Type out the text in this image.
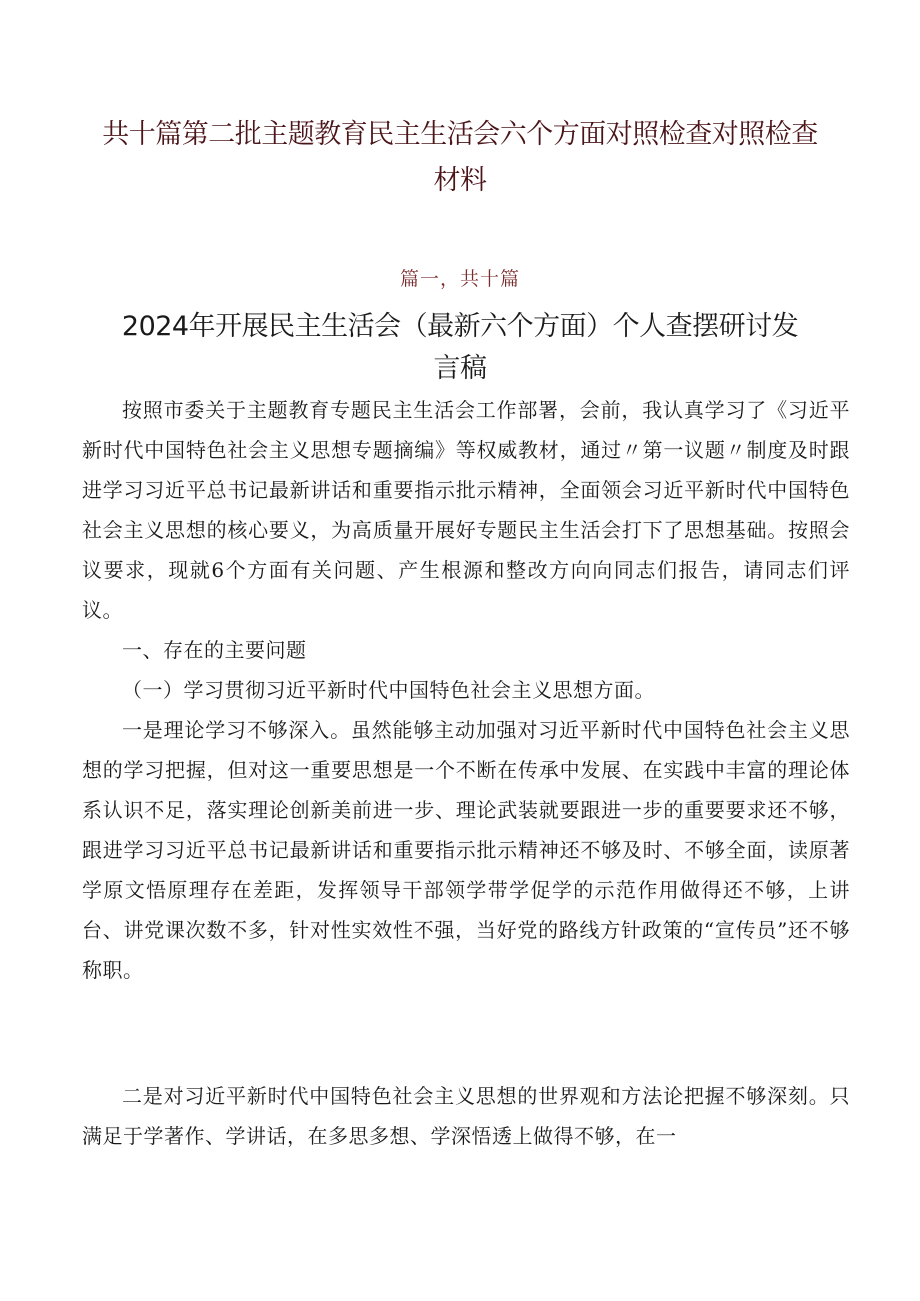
共十篇第二批主题教育民主生活会六个方面对照检查对照检查材料
篇一，共十篇
2024年开展民主生活会（最新六个方面）个人查摆研讨发言稿

按照市委关于主题教育专题民主生活会工作部署，会前，我认真学习了《习近平新时代中国特色社会主义思想专题摘编》等权威教材，通过〃第一议题〃制度及时跟进学习习近平总书记最新讲话和重要指示批示精神，全面领会习近平新时代中国特色社会主义思想的核心要义，为高质量开展好专题民主生活会打下了思想基础。按照会议要求，现就6个方面有关问题、产生根源和整改方向向同志们报告，请同志们评议。

一、存在的主要问题

（一）学习贯彻习近平新时代中国特色社会主义思想方面。

一是理论学习不够深入。虽然能够主动加强对习近平新时代中国特色社会主义思想的学习把握，但对这一重要思想是一个不断在传承中发展、在实践中丰富的理论体系认识不足，落实理论创新美前进一步、理论武装就要跟进一步的重要要求还不够，跟进学习习近平总书记最新讲话和重要指示批示精神还不够及时、不够全面，读原著学原文悟原理存在差距，发挥领导干部领学带学促学的示范作用做得还不够，上讲台、讲党课次数不多，针对性实效性不强，当好党的路线方针政策的“宣传员”还不够称职。

二是对习近平新时代中国特色社会主义思想的世界观和方法论把握不够深刻。只满足于学著作、学讲话，在多思多想、学深悟透上做得不够，在一
